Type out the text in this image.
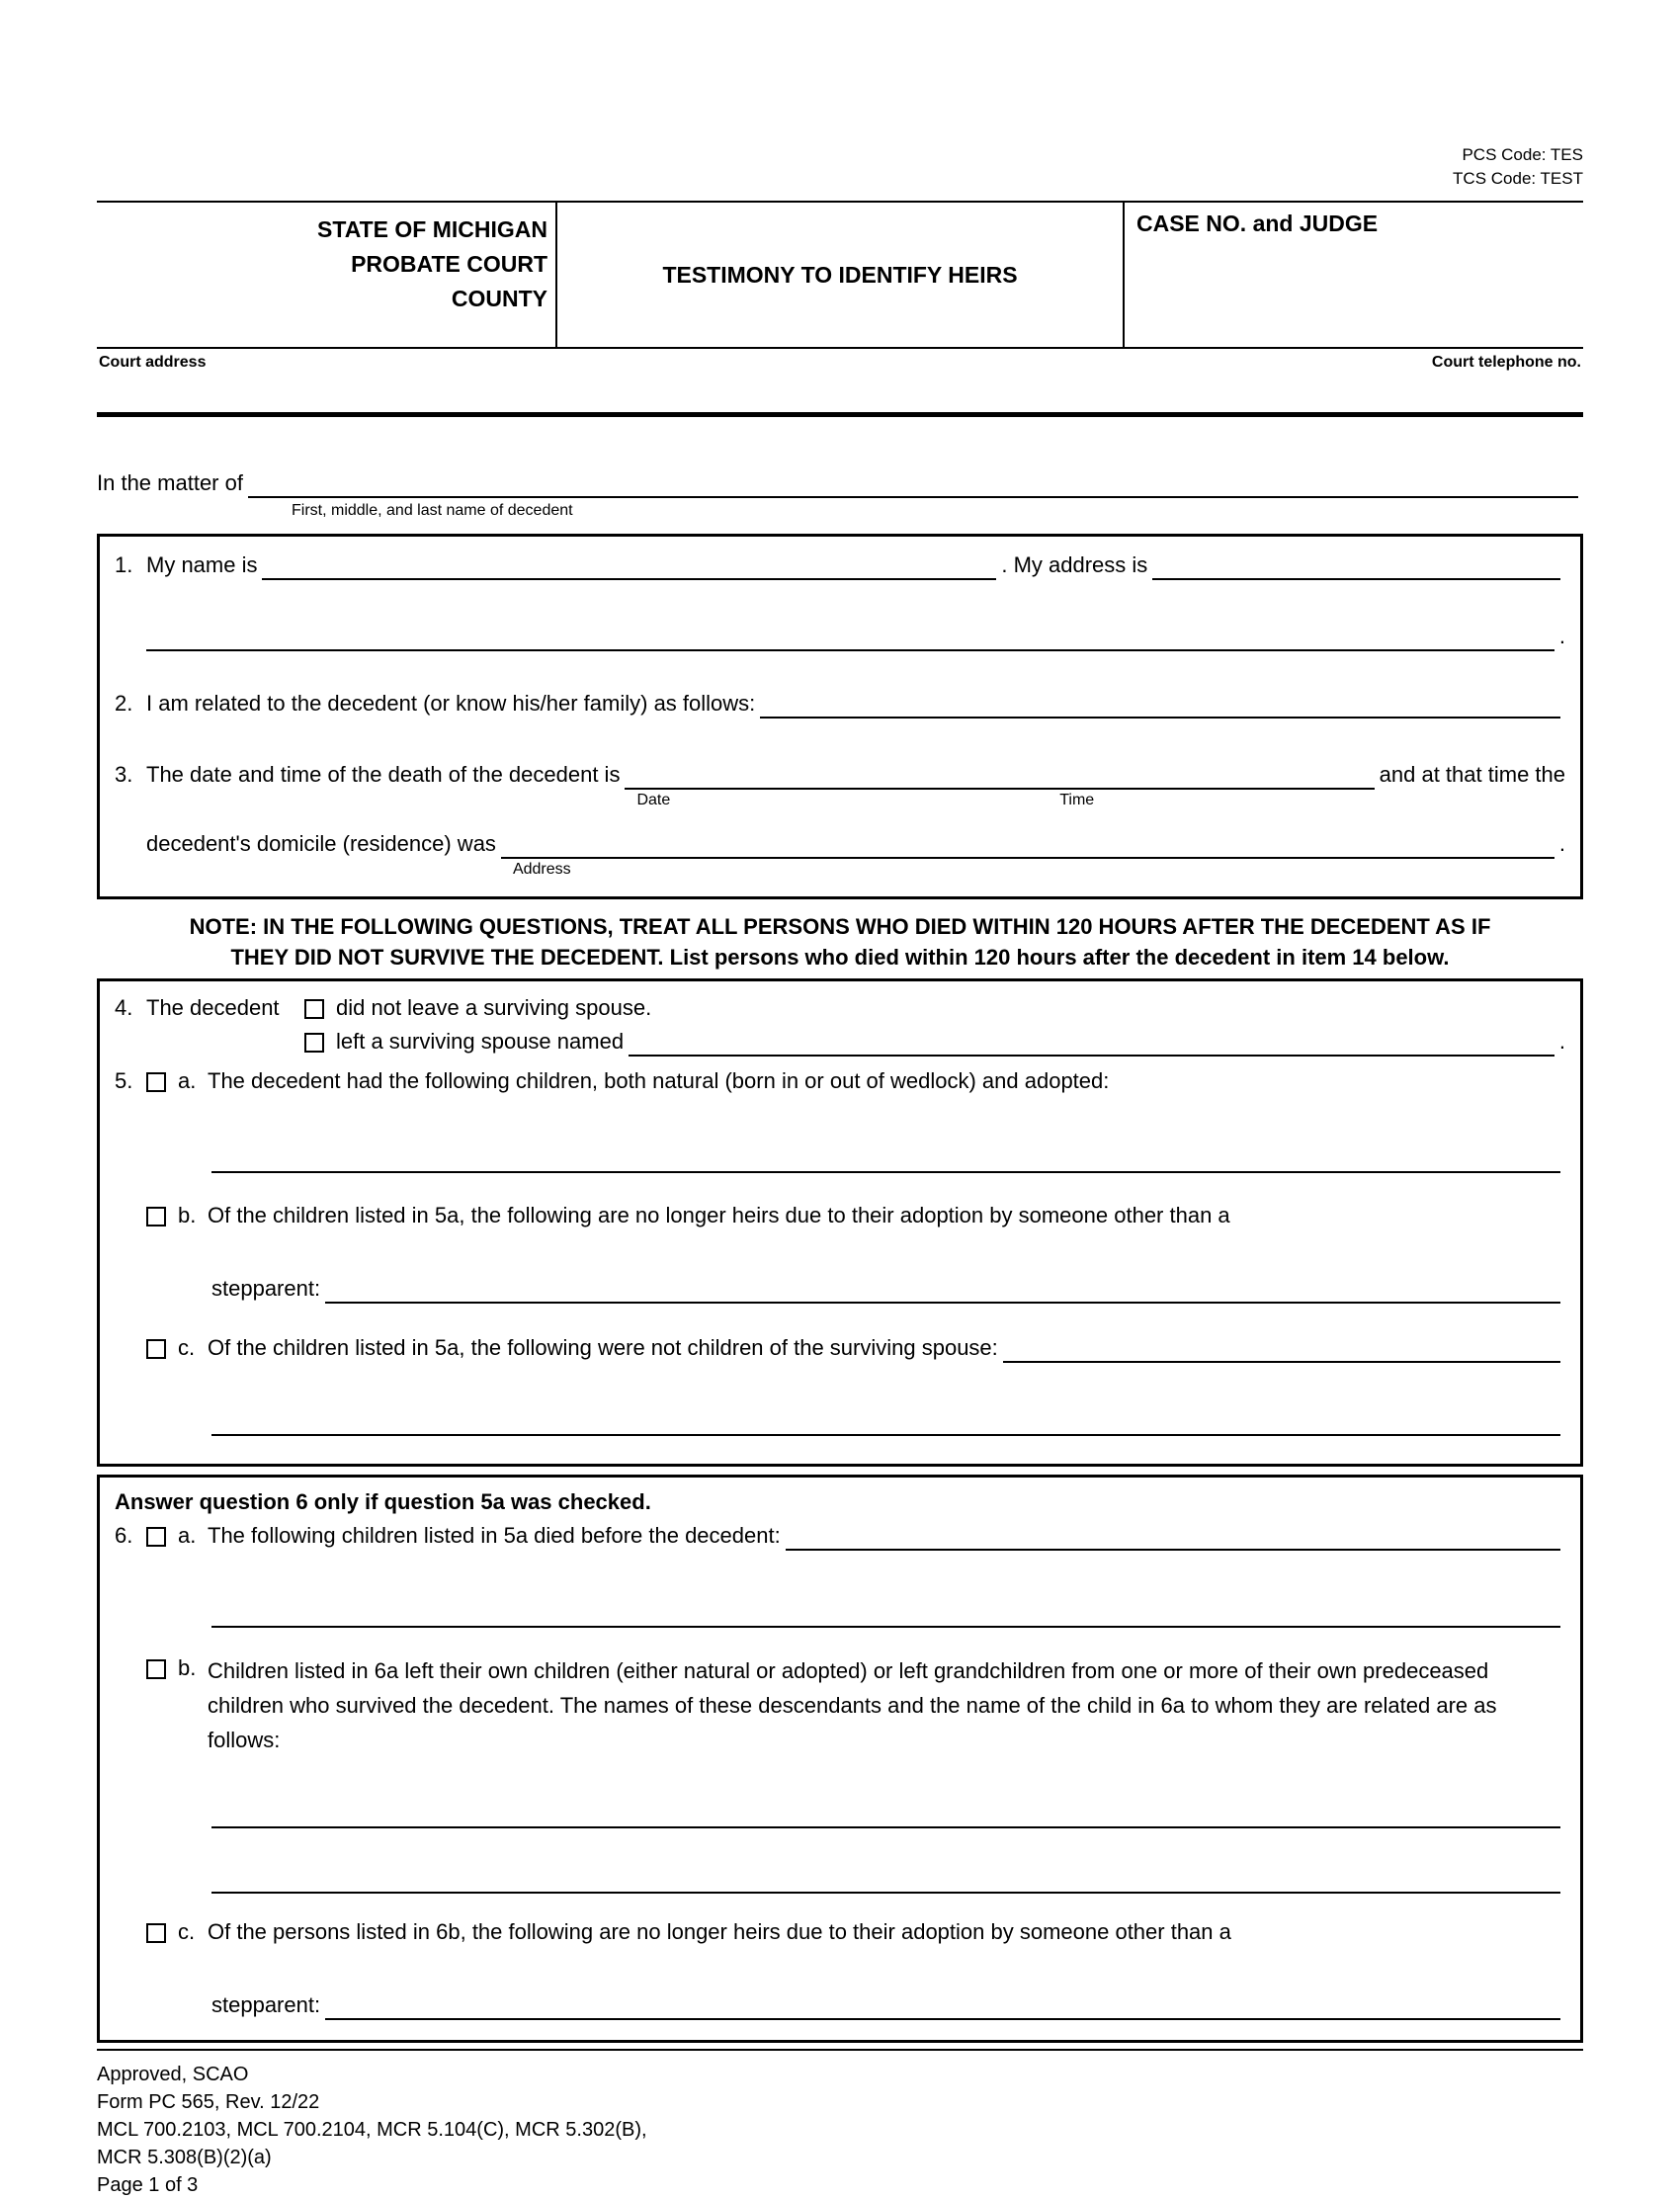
PCS Code: TES
TCS Code: TEST
STATE OF MICHIGAN
PROBATE COURT
COUNTY
TESTIMONY TO IDENTIFY HEIRS
CASE NO. and JUDGE
Court address	Court telephone no.
In the matter of
First, middle, and last name of decedent
1. My name is	. My address is
.
2. I am related to the decedent (or know his/her family) as follows:
3. The date and time of the death of the decedent is
Date	Time
and at that time the
decedent's domicile (residence) was
Address
.
NOTE: IN THE FOLLOWING QUESTIONS, TREAT ALL PERSONS WHO DIED WITHIN 120 HOURS AFTER THE DECEDENT AS IF
THEY DID NOT SURVIVE THE DECEDENT. List persons who died within 120 hours after the decedent in item 14 below.
4. The decedent	did not leave a surviving spouse.
left a surviving spouse named	.
5.	a. The decedent had the following children, both natural (born in or out of wedlock) and adopted:
b. Of the children listed in 5a, the following are no longer heirs due to their adoption by someone other than a
stepparent:
c. Of the children listed in 5a, the following were not children of the surviving spouse:
Answer question 6 only if question 5a was checked.
6.	a. The following children listed in 5a died before the decedent:
b. Children listed in 6a left their own children (either natural or adopted) or left grandchildren from one or more of their own predeceased children who survived the decedent. The names of these descendants and the name of the child in 6a to whom they are related are as follows:
c. Of the persons listed in 6b, the following are no longer heirs due to their adoption by someone other than a
stepparent:
Approved, SCAO
Form PC 565, Rev. 12/22
MCL 700.2103, MCL 700.2104, MCR 5.104(C), MCR 5.302(B),
MCR 5.308(B)(2)(a)
Page 1 of 3
